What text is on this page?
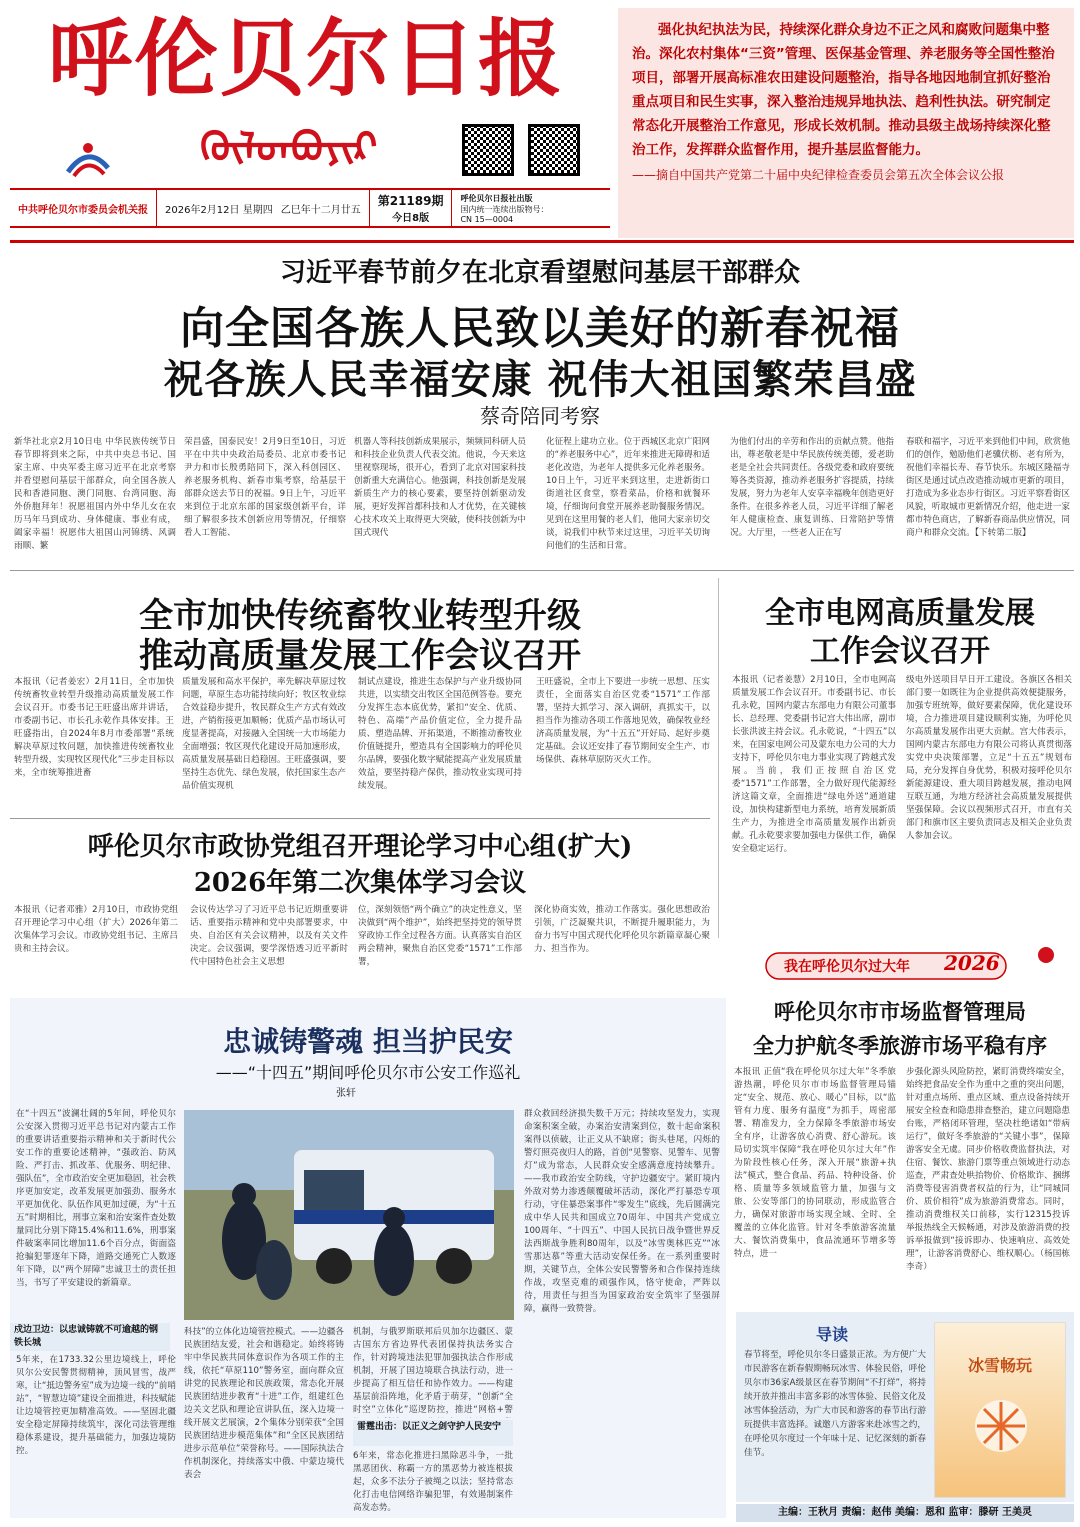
呼伦贝尔日报
ᠬᠥᠯᠦᠨᠪᠤᠶᠢᠷ
中共呼伦贝尔市委员会机关报	2026年2月12日 星期四 乙巳年十二月廿五
第21189期
今日8版
呼伦贝尔日报社出版
国内统一连续出版物号：
CN 15—0004

强化执纪执法为民，持续深化群众身边不正之风和腐败问题集中整治。深化农村集体“三资”管理、医保基金管理、养老服务等全国性整治项目，部署开展高标准农田建设问题整治，指导各地因地制宜抓好整治重点项目和民生实事，深入整治违规异地执法、趋利性执法。研究制定常态化开展整治工作意见，形成长效机制。推动县级主战场持续深化整治工作，发挥群众监督作用，提升基层监督能力。

——摘自中国共产党第二十届中央纪律检查委员会第五次全体会议公报

习近平春节前夕在北京看望慰问基层干部群众
向全国各族人民致以美好的新春祝福
祝各族人民幸福安康 祝伟大祖国繁荣昌盛
蔡奇陪同考察
新华社北京2月10日电 中华民族传统节日春节即将到来之际，中共中央总书记、国家主席、中央军委主席习近平在北京考察并看望慰问基层干部群众，向全国各族人民和香港同胞、澳门同胞、台湾同胞、海外侨胞拜年！祝愿祖国内外中华儿女在农历马年马到成功、身体健康、事业有成，阖家幸福！祝愿伟大祖国山河锦绣、风调雨顺、繁
荣昌盛，国泰民安！2月9日至10日，习近平在中共中央政治局委员、北京市委书记尹力和市长殷勇陪同下，深入科创园区、养老服务机构、新春市集考察，给基层干部群众送去节日的祝福。9日上午，习近平来到位于北京东部的国家级创新平台，详细了解很多技术创新应用等情况，仔细察看人工智能、
机器人等科技创新成果展示，频频同科研人员和科技企业负责人代表交流。他说，今天来这里视察现场，很开心，看到了北京对国家科技创新重大充满信心。他强调，科技创新是发展新质生产力的核心要素，要坚持创新驱动发展，更好发挥首都科技和人才优势，在关键核心技术攻关上取得更大突破，使科技创新为中国式现代
化征程上建功立业。位于西城区北京广阳网的“养老服务中心”，近年来推进无障碍和适老化改造，为老年人提供多元化养老服务。10日上午，习近平来到这里，走进新街口街道社区食堂，察看菜品，价格和就餐环境，仔细询问食堂开展养老助餐服务情况。见到在这里用餐的老人们，他同大家亲切交谈，说我们中秋节来过这里，习近平关切询问他们的生活和日常。
为他们付出的辛劳和作出的贡献点赞。他指出，尊老敬老是中华民族传统美德，爱老助老是全社会共同责任。各级党委和政府要统筹各类资源，推动养老服务扩容提质，持续发展，努力为老年人安享幸福晚年创造更好条件。在很多养老人员，习近平详细了解老年人健康检查、康复训练、日常陪护等情况。大厅里，一些老人正在写
春联和福字，习近平来到他们中间，欣赏他们的创作，勉励他们老骥伏枥、老有所为，祝他们幸福长寿、春节快乐。东城区隆福寺街区是通过试点改造推动城市更新的项目，打造成为多业态步行街区。习近平察看街区风貌，听取城市更新情况介绍，他走进一家都市特色商店，了解新春商品供应情况，同商户和群众交流。【下转第二版】
全市加快传统畜牧业转型升级
推动高质量发展工作会议召开
本报讯（记者姜宏）2月11日，全市加快传统畜牧业转型升级推动高质量发展工作会议召开。市委书记王旺盛出席并讲话，市委副书记、市长孔永乾作具体安排。王旺盛指出，自2024年8月市委部署“系统解决草原过牧问题，加快推进传统畜牧业转型升级，实现牧区现代化”三步走目标以来，全市统筹推进畜
质量发展和高水平保护，率先解决草原过牧问题，草原生态功能持续向好；牧区牧业综合效益稳步提升，牧民群众生产方式有效改进，产销衔接更加顺畅；优质产品市场认可度显著提高，对接融入全国统一大市场能力全面增强；牧区现代化建设开局加速形成，高质量发展基础日趋稳固。王旺盛强调，要坚持生态优先、绿色发展，依托国家生态产品价值实现机
制试点建设，推进生态保护与产业升级协同共进，以实绩交出牧区全国范例答卷。要充分发挥生态本底优势，紧扣“安全、优质、特色、高端”产品价值定位，全力提升品质、塑造品牌、开拓渠道，不断推动畜牧业价值链提升，塑造具有全国影响力的呼伦贝尔品牌，要强化数字赋能提高产业发展质量效益，要坚持稳产保供，推动牧业实现可持续发展。
王旺盛说，全市上下要进一步统一思想、压实责任，全面落实自治区党委“1571”工作部署，坚持大抓学习、深入调研，真抓实干，以担当作为推动各项工作落地见效，确保牧业经济高质量发展，为“十五五”开好局、起好步奠定基础。会议还安排了春节期间安全生产、市场保供、森林草原防灭火工作。
全市电网高质量发展
工作会议召开
本报讯（记者姜慧）2月10日，全市电网高质量发展工作会议召开。市委副书记、市长孔永乾，国网内蒙古东部电力有限公司董事长、总经理、党委副书记宫大伟出席，副市长张洪波主持会议。孔永乾说，“十四五”以来，在国家电网公司及蒙东电力公司的大力支持下，呼伦贝尔电力事业实现了跨越式发展。当前，我们正按照自治区党委“1571”工作部署，全力做好现代能源经济这篇文章，全面推进“绿电外送”通道建设，加快构建新型电力系统，培育发展新质生产力，为推进全市高质量发展作出新贡献。孔永乾要求要加强电力保供工作，确保安全稳定运行。
级电外送项目早日开工建设。各旗区各相关部门要一如既往为企业提供高效便捷服务，加强专班统筹，做好要素保障，优化建设环境，合力推进项目建设顺利实施，为呼伦贝尔高质量发展作出更大贡献。宫大伟表示，国网内蒙古东部电力有限公司将认真贯彻落实党中央决策部署，立足“十五五”规划布局，充分发挥自身优势，积极对接呼伦贝尔新能源建设、重大项目跨越发展，推动电网互联互通，为地方经济社会高质量发展提供坚强保障。会议以视频形式召开，市直有关部门和旗市区主要负责同志及相关企业负责人参加会议。
呼伦贝尔市政协党组召开理论学习中心组(扩大)
2026年第二次集体学习会议
本报讯（记者邓雅）2月10日，市政协党组召开理论学习中心组（扩大）2026年第二次集体学习会议。市政协党组书记、主席吕贵和主持会议。
会议传达学习了习近平总书记近期重要讲话、重要指示精神和党中央部署要求，中央、自治区有关会议精神，以及有关文件决定。会议强调，要学深悟透习近平新时代中国特色社会主义思想
位，深刻领悟“两个确立”的决定性意义，坚决做到“两个维护”，始终把坚持党的领导贯穿政协工作全过程各方面。认真落实自治区两会精神，聚焦自治区党委“1571”工作部署，
深化协商实效，推动工作落实。强化思想政治引领，广泛凝聚共识，不断提升履职能力，为奋力书写中国式现代化呼伦贝尔新篇章凝心聚力、担当作为。
忠诚铸警魂 担当护民安
——“十四五”期间呼伦贝尔市公安工作巡礼
张轩
在“十四五”波澜壮阔的5年间，呼伦贝尔公安深入贯彻习近平总书记对内蒙古工作的重要讲话重要指示精神和关于新时代公安工作的重要论述精神，“强政治、防风险、严打击、抓改革、优服务、明纪律、强队伍”，全市政治安全更加稳固，社会秩序更加安定，改革发展更加强劲、服务水平更加优化、队伍作风更加过硬，为“十五五”时期相比，刑事立案和治安案件查处数量同比分别下降15.4%和11.6%，刑事案件破案率同比增加11.6个百分点，街面盗抢骗犯罪逐年下降，道路交通死亡人数逐年下降，以“两个屏障”忠诚卫士的责任担当，书写了平安建设的新篇章。
戍边卫边：以忠诚铸就不可逾越的钢铁长城
5年来，在1733.32公里边境线上，呼伦贝尔公安民警贯彻精神，顶风冒雪，战严寒，让“抵边警务室”成为边境一线的“前哨站”，“智慧边境”建设全面推进，科技赋能让边境管控更加精准高效。——坚固北疆安全稳定屏障持续筑牢，深化司法管理维稳体系建设，提升基础能力，加强边境防控。
科技”的立体化边境管控模式。——边疆各民族团结友爱，社会和谐稳定。始终将铸牢中华民族共同体意识作为各项工作的主线，依托“草原110”警务室，面向群众宣讲党的民族理论和民族政策，常态化开展民族团结进步教育“十进”工作，组建红色边关文艺队和理论宣讲队伍，深入边境一线开展文艺展演，2个集体分别荣获“全国民族团结进步模范集体”和“全区民族团结进步示范单位”荣誉称号。——国际执法合作机制深化，持续落实中俄、中蒙边境代表会
机制，与俄罗斯联邦后贝加尔边疆区、蒙古国东方省边界代表团保持执法务实合作，针对跨境违法犯罪加强执法合作形成机制，开展了国边境联合执法行动，进一步提高了相互信任和协作效力。——构建基层前沿阵地，化矛盾于萌芽，“创新“全时空”立体化”巡逻防控，推进“网格+警
雷霆出击：以正义之剑守护人民安宁
6年来，常态化推进扫黑除恶斗争，一批黑恶团伙、称霸一方的黑恶势力被连根拔起，众多不法分子被绳之以法；坚持常态化打击电信网络诈骗犯罪，有效遏制案件高发态势。
群众救回经济损失数千万元；持续攻坚发力，实现命案积案全破，办案治安清案到位，数十起命案积案得以侦破，让正义从不缺席；街头巷尾，闪烁的警灯照亮夜归人的路，首创“见警察、见警车、见警灯”成为常态，人民群众安全感满意度持续攀升。——我市政治安全防线，守护边疆安宁。紧盯境内外敌对势力渗透颠覆破坏活动，深化严打暴恐专项行动，守住暴恐案事件“零发生”底线，先后圆满完成中华人民共和国成立70周年、中国共产党成立100周年、“十四五”、中国人民抗日战争暨世界反法西斯战争胜利80周年，以及“冰雪奥林匹克”“冰雪那达慕”等重大活动安保任务。在一系列重要时期，关键节点，全体公安民警警务和合作保持连续作战，攻坚克难的顽强作风，恪守使命，严阵以待，用责任与担当为国家政治安全筑牢了坚强屏障，赢得一致赞誉。
我在呼伦贝尔过大年 2026
呼伦贝尔市市场监督管理局
全力护航冬季旅游市场平稳有序
本报讯 正值“我在呼伦贝尔过大年”冬季旅游热潮，呼伦贝尔市市场监督管理局锚定“安全、规范、放心、暖心”目标，以“监管有力度、服务有温度”为抓手，周密部署、精准发力，全力保障冬季旅游市场安全有序，让游客放心消费、舒心游玩。该局切实筑牢保障“我在呼伦贝尔过大年”作为阶段性核心任务，深入开展“旅游+执法”模式，整合食品、药品、特种设备、价格、质量等多领域监管力量，加强与文旅、公安等部门的协同联动，形成监管合力，确保对旅游市场实现全域、全时、全覆盖的立体化监管。针对冬季旅游客流量大、餐饮消费集中，食品流通环节增多等特点，进一
步强化源头风险防控，紧盯消费终端安全，始终把食品安全作为重中之重的突出问题，针对重点场所、重点区域、重点设备持续开展安全检查和隐患排查整治，建立问题隐患台账，严格闭环管理，坚决杜绝诸如“带病运行”，做好冬季旅游的“关键小事”，保障游客安全无虞。同步价格收费监督执法，对住宿、餐饮、旅游门票等重点领域进行动态巡查，严肃查处哄抬物价、价格欺诈、捆绑消费等侵害消费者权益的行为，让“同城同价、质价相符”成为旅游消费常态。同时，推动消费维权关口前移，实行12315投诉举报热线全天候畅通，对涉及旅游消费的投诉举报做到“接诉即办、快速响应、高效处理”，让游客消费舒心、维权顺心。（杨国栋 李奇）
导读
春节将至，呼伦贝尔冬日盛景正浓。为方便广大市民游客在新春假期畅玩冰雪、体验民俗，呼伦贝尔市36家A级景区在春节期间“不打烊”，将持续开放并推出丰富多彩的冰雪体验、民俗文化及冰雪体验活动，为广大市民和游客的春节出行游玩提供丰富选择。诚邀八方游客来赴冰雪之约，在呼伦贝尔度过一个年味十足、记忆深刻的新春佳节。
冰雪畅玩
主编：王秋月 责编：赵伟 美编：恩和 监审：滕研 王美灵
